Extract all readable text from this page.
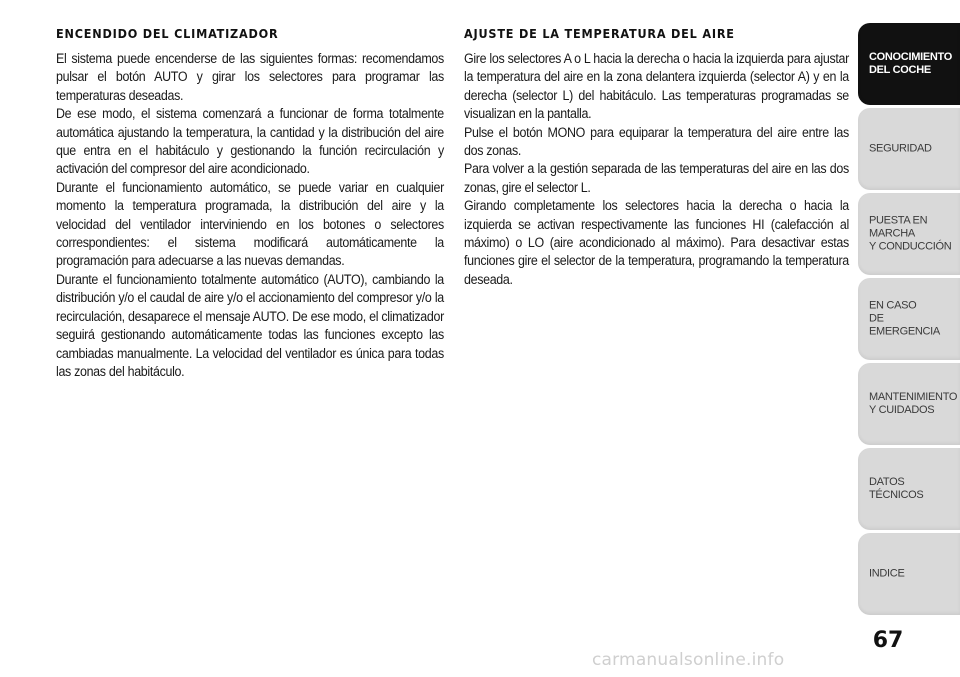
ENCENDIDO DEL CLIMATIZADOR
El sistema puede encenderse de las siguientes formas: recomendamos pulsar el botón AUTO y girar los selectores para programar las temperaturas deseadas.
De ese modo, el sistema comenzará a funcionar de forma totalmente automática ajustando la temperatura, la cantidad y la distribución del aire que entra en el habitáculo y gestionando la función recirculación y activación del compresor del aire acondicionado.
Durante el funcionamiento automático, se puede variar en cualquier momento la temperatura programada, la distribución del aire y la velocidad del ventilador interviniendo en los botones o selectores correspondientes: el sistema modificará automáticamente la programación para adecuarse a las nuevas demandas.
Durante el funcionamiento totalmente automático (AUTO), cambiando la distribución y/o el caudal de aire y/o el accionamiento del compresor y/o la recirculación, desaparece el mensaje AUTO. De ese modo, el climatizador seguirá gestionando automáticamente todas las funciones excepto las cambiadas manualmente. La velocidad del ventilador es única para todas las zonas del habitáculo.
AJUSTE DE LA TEMPERATURA DEL AIRE
Gire los selectores A o L hacia la derecha o hacia la izquierda para ajustar la temperatura del aire en la zona delantera izquierda (selector A) y en la derecha (selector L) del habitáculo. Las temperaturas programadas se visualizan en la pantalla.
Pulse el botón MONO para equiparar la temperatura del aire entre las dos zonas.
Para volver a la gestión separada de las temperaturas del aire en las dos zonas, gire el selector L.
Girando completamente los selectores hacia la derecha o hacia la izquierda se activan respectivamente las funciones HI (calefacción al máximo) o LO (aire acondicionado al máximo). Para desactivar estas funciones gire el selector de la temperatura, programando la temperatura deseada.
CONOCIMIENTO
DEL COCHE
SEGURIDAD
PUESTA EN MARCHA
Y CONDUCCIÓN
EN CASO
DE EMERGENCIA
MANTENIMIENTO
Y CUIDADOS
DATOS TÉCNICOS
INDICE
67
carmanualsonline.info
